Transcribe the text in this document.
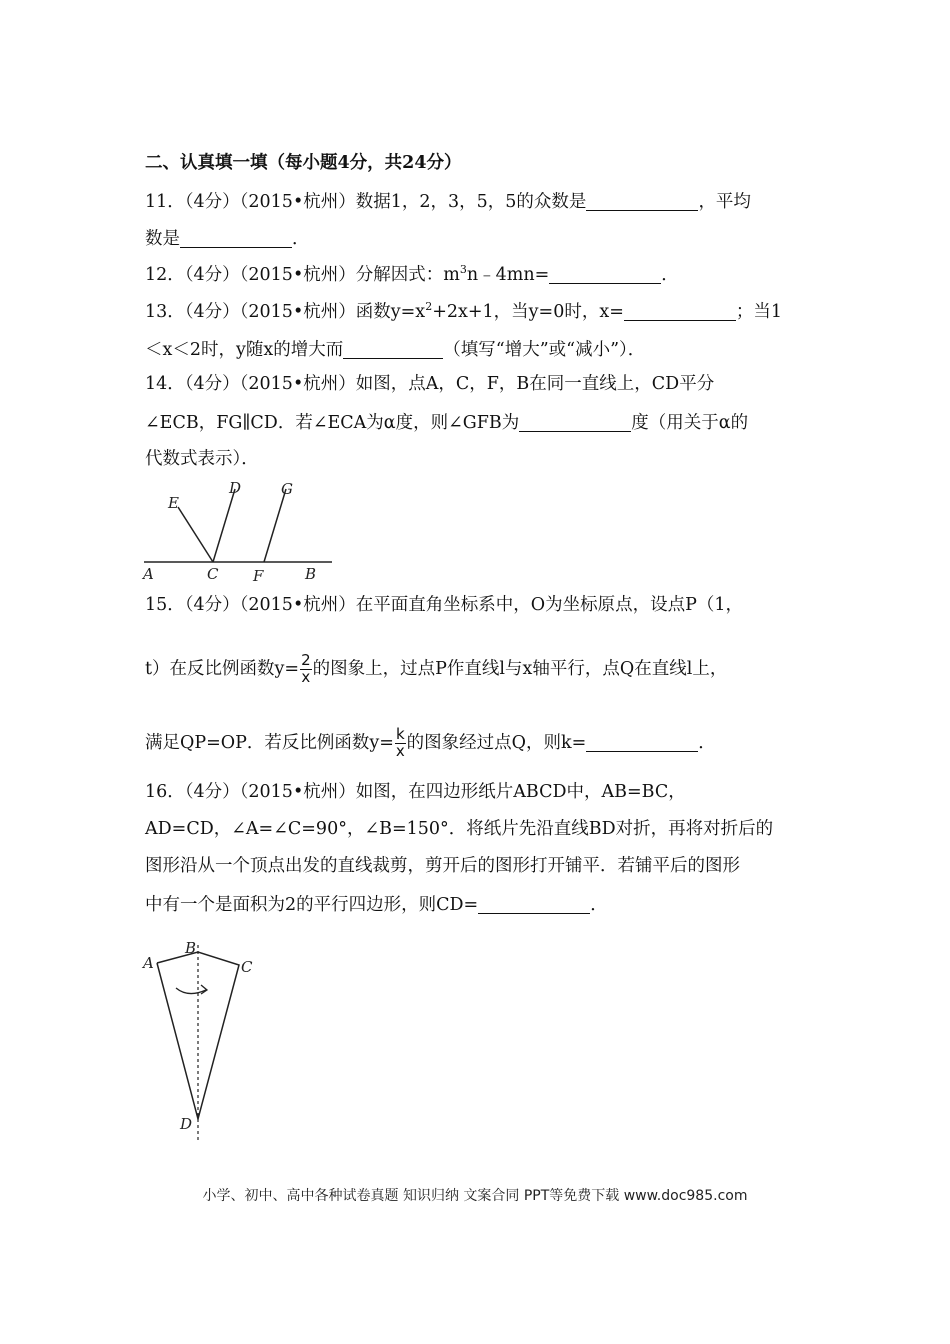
二、认真填一填（每小题4分，共24分）
11．（4分）（2015•杭州）数据1，2，3，5，5的众数是	，平均
数是	．
12．（4分）（2015•杭州）分解因式：$m^3n﹣4mn=$	．
13．（4分）（2015•杭州）函数$y=x^2+2x+1$，当y=0时，x=	；当1
＜x＜2时，y随x的增大而	（填写“增大”或“减小”）．
14．（4分）（2015•杭州）如图，点A，C，F，B在同一直线上，CD平分
∠ECB，FG∥CD．若∠ECA为α度，则∠GFB为	度（用关于α的
代数式表示）．
E
D	G
A	C F	B
15．（4分）（2015•杭州）在平面直角坐标系中，O为坐标原点，设点P（1，
t）在反比例函数$y= \frac{2}{x}$ 的图象上，过点P作直线l与x轴平行，点Q在直线l上，
满足QP=OP．若反比例函数$y= \frac{k}{x}$ 的图象经过点Q，则k=	．
16．（4分）（2015•杭州）如图，在四边形纸片ABCD中，AB=BC，
AD=CD，∠A=∠C=90°，∠B=150°．将纸片先沿直线BD对折，再将对折后的
图形沿从一个顶点出发的直线裁剪，剪开后的图形打开铺平．若铺平后的图形
中有一个是面积为2的平行四边形，则CD=	．
A
B
C
D
小学、初中、高中各种试卷真题 知识归纳 文案合同 PPT等免费下载 www.doc985.com
